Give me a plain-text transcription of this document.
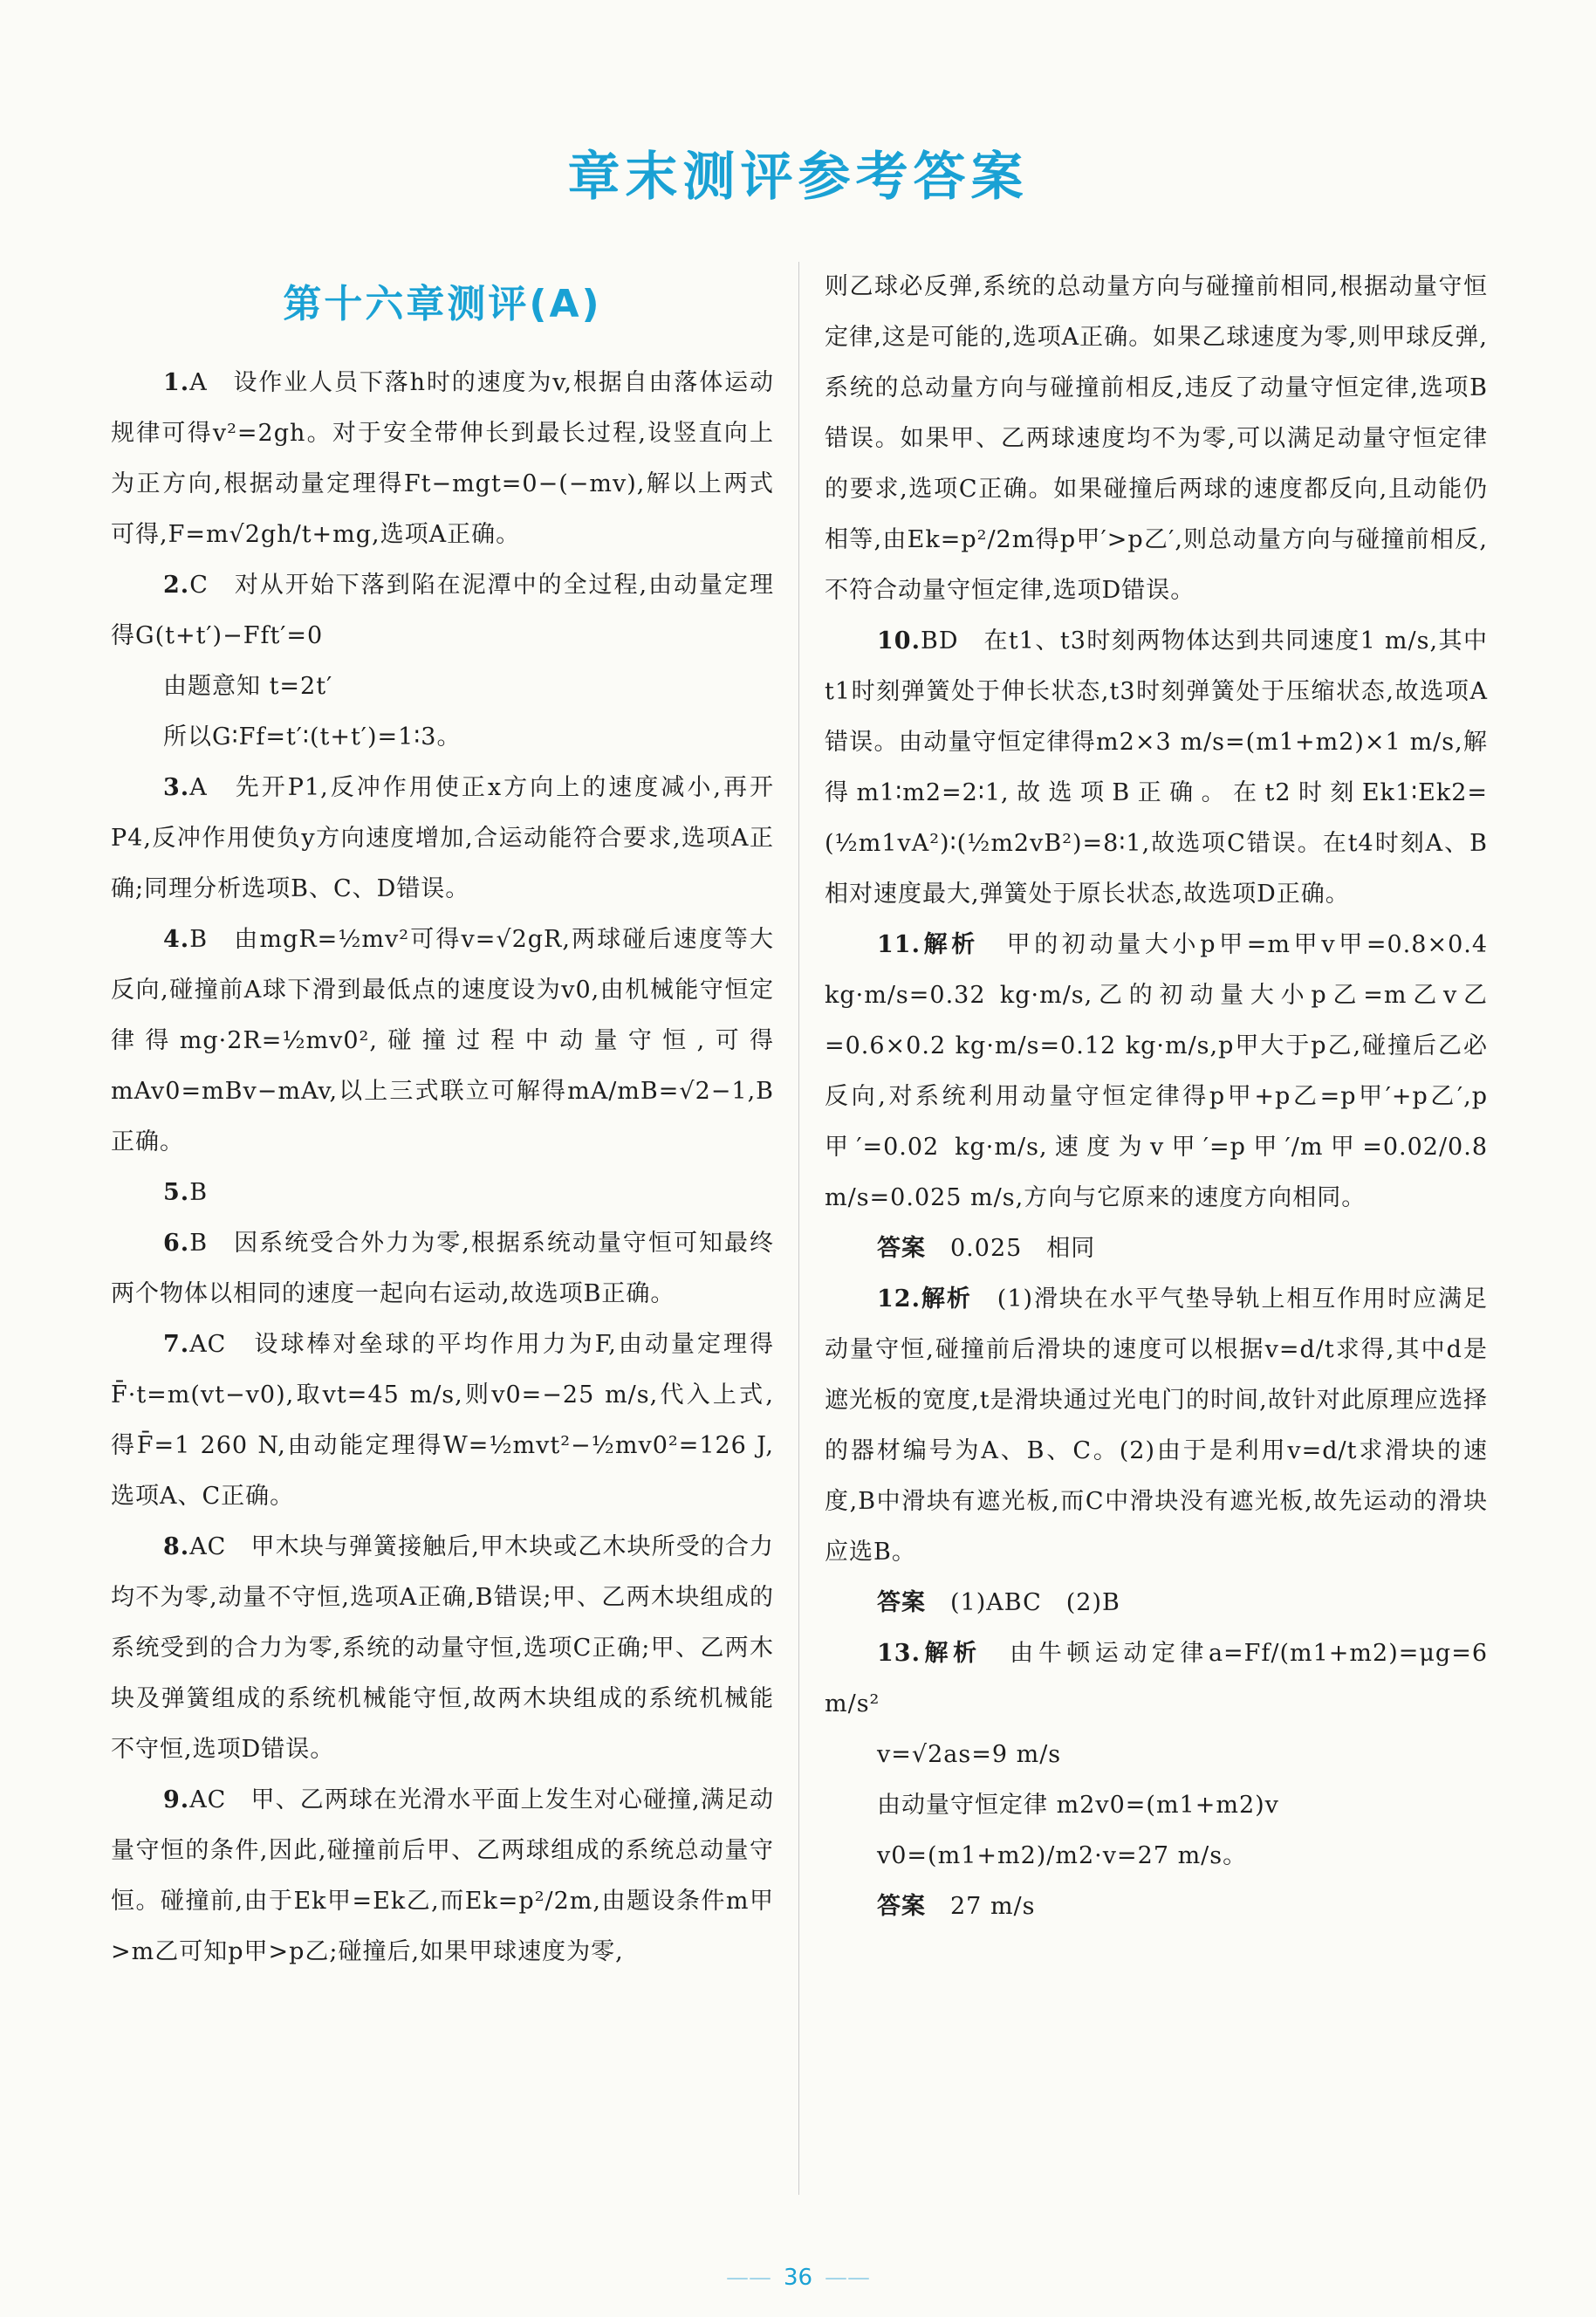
章末测评参考答案
第十六章测评(A)

1.A　 设作业人员下落h时的速度为v,根据自由落体运动规律可得v²=2gh。对于安全带伸长到最长过程,设竖直向上为正方向,根据动量定理得Ft−mgt=0−(−mv),解以上两式可得,F=m√2gh/t+mg,选项A正确。

2.C　 对从开始下落到陷在泥潭中的全过程,由动量定理得G(t+t′)−Fft′=0

由题意知 t=2t′

所以G∶Ff=t′∶(t+t′)=1∶3。

3.A　 先开P1,反冲作用使正x方向上的速度减小,再开P4,反冲作用使负y方向速度增加,合运动能符合要求,选项A正确;同理分析选项B、C、D错误。

4.B　 由mgR=½mv²可得v=√2gR,两球碰后速度等大反向,碰撞前A球下滑到最低点的速度设为v0,由机械能守恒定律得mg·2R=½mv0²,碰撞过程中动量守恒,可得mAv0=mBv−mAv,以上三式联立可解得mA/mB=√2−1,B正确。

5.B

6.B　 因系统受合外力为零,根据系统动量守恒可知最终两个物体以相同的速度一起向右运动,故选项B正确。

7.AC　 设球棒对垒球的平均作用力为F,由动量定理得F̄·t=m(vt−v0),取vt=45 m/s,则v0=−25 m/s,代入上式,得F̄=1 260 N,由动能定理得W=½mvt²−½mv0²=126 J,选项A、C正确。

8.AC　 甲木块与弹簧接触后,甲木块或乙木块所受的合力均不为零,动量不守恒,选项A正确,B错误;甲、乙两木块组成的系统受到的合力为零,系统的动量守恒,选项C正确;甲、乙两木块及弹簧组成的系统机械能守恒,故两木块组成的系统机械能不守恒,选项D错误。

9.AC　 甲、乙两球在光滑水平面上发生对心碰撞,满足动量守恒的条件,因此,碰撞前后甲、乙两球组成的系统总动量守恒。碰撞前,由于Ek甲=Ek乙,而Ek=p²/2m,由题设条件m甲>m乙可知p甲>p乙;碰撞后,如果甲球速度为零,

则乙球必反弹,系统的总动量方向与碰撞前相同,根据动量守恒定律,这是可能的,选项A正确。如果乙球速度为零,则甲球反弹,系统的总动量方向与碰撞前相反,违反了动量守恒定律,选项B错误。如果甲、乙两球速度均不为零,可以满足动量守恒定律的要求,选项C正确。如果碰撞后两球的速度都反向,且动能仍相等,由Ek=p²/2m得p甲′>p乙′,则总动量方向与碰撞前相反,不符合动量守恒定律,选项D错误。

10.BD　 在t1、t3时刻两物体达到共同速度1 m/s,其中t1时刻弹簧处于伸长状态,t3时刻弹簧处于压缩状态,故选项A错误。由动量守恒定律得m2×3 m/s=(m1+m2)×1 m/s,解得m1∶m2=2∶1,故选项B正确。在t2时刻Ek1∶Ek2=(½m1vA²)∶(½m2vB²)=8∶1,故选项C错误。在t4时刻A、B相对速度最大,弹簧处于原长状态,故选项D正确。

11.解析　 甲的初动量大小p甲=m甲v甲=0.8×0.4 kg·m/s=0.32 kg·m/s,乙的初动量大小p乙=m乙v乙=0.6×0.2 kg·m/s=0.12 kg·m/s,p甲大于p乙,碰撞后乙必反向,对系统利用动量守恒定律得p甲+p乙=p甲′+p乙′,p甲′=0.02 kg·m/s,速度为v甲′=p甲′/m甲=0.02/0.8 m/s=0.025 m/s,方向与它原来的速度方向相同。

答案　 0.025　相同

12.解析　 (1)滑块在水平气垫导轨上相互作用时应满足动量守恒,碰撞前后滑块的速度可以根据v=d/t求得,其中d是遮光板的宽度,t是滑块通过光电门的时间,故针对此原理应选择的器材编号为A、B、C。(2)由于是利用v=d/t求滑块的速度,B中滑块有遮光板,而C中滑块没有遮光板,故先运动的滑块应选B。

答案　 (1)ABC　(2)B

13.解析　 由牛顿运动定律a=Ff/(m1+m2)=μg=6 m/s²

v=√2as=9 m/s

由动量守恒定律 m2v0=(m1+m2)v

v0=(m1+m2)/m2·v=27 m/s。

答案　 27 m/s

—— 36 ——
